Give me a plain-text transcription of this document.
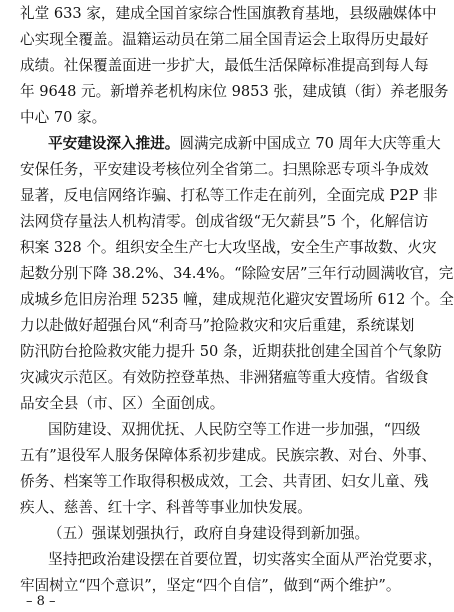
礼堂 633 家，建成全国首家综合性国旗教育基地，县级融媒体中
心实现全覆盖。温籍运动员在第二届全国青运会上取得历史最好
成绩。社保覆盖面进一步扩大，最低生活保障标准提高到每人每
年 9648 元。新增养老机构床位 9853 张，建成镇（街）养老服务
中心 70 家。
平安建设深入推进。圆满完成新中国成立 70 周年大庆等重大
安保任务，平安建设考核位列全省第二。扫黑除恶专项斗争成效
显著，反电信网络诈骗、打私等工作走在前列，全面完成 P2P 非
法网贷存量法人机构清零。创成省级“无欠薪县”5 个，化解信访
积案 328 个。组织安全生产七大攻坚战，安全生产事故数、火灾
起数分别下降 38.2%、34.4%。“除险安居”三年行动圆满收官，完
成城乡危旧房治理 5235 幢，建成规范化避灾安置场所 612 个。全
力以赴做好超强台风“利奇马”抢险救灾和灾后重建，系统谋划
防汛防台抢险救灾能力提升 50 条，近期获批创建全国首个气象防
灾减灾示范区。有效防控登革热、非洲猪瘟等重大疫情。省级食
品安全县（市、区）全面创成。
国防建设、双拥优抚、人民防空等工作进一步加强，“四级
五有”退役军人服务保障体系初步建成。民族宗教、对台、外事、
侨务、档案等工作取得积极成效，工会、共青团、妇女儿童、残
疾人、慈善、红十字、科普等事业加快发展。
（五）强谋划强执行，政府自身建设得到新加强。
坚持把政治建设摆在首要位置，切实落实全面从严治党要求，
牢固树立“四个意识”，坚定“四个自信”，做到“两个维护”。
– 8 –
